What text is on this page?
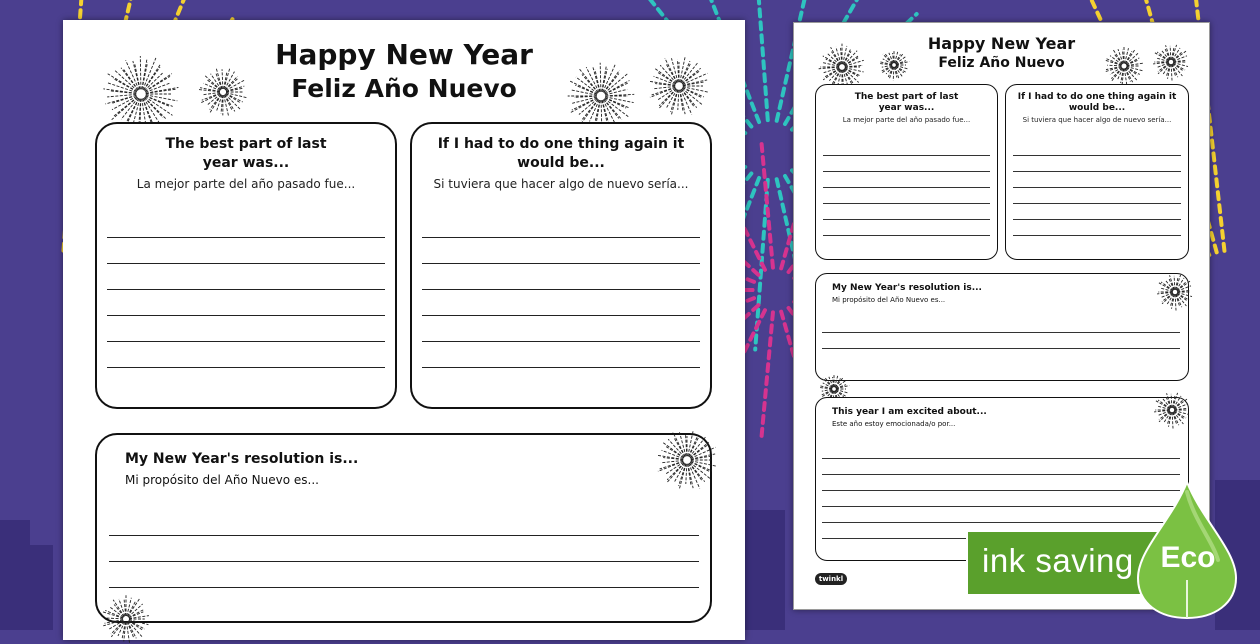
Happy New Year
Feliz Año Nuevo
The best part of last
year was...
La mejor parte del año pasado fue...
If I had to do one thing again it
would be...
Si tuviera que hacer algo de nuevo sería...
My New Year's resolution is...
Mi propósito del Año Nuevo es...
Happy New Year
Feliz Año Nuevo
The best part of last
year was...
La mejor parte del año pasado fue...
If I had to do one thing again it
would be...
Si tuviera que hacer algo de nuevo sería...
My New Year's resolution is...
Mi propósito del Año Nuevo es...
This year I am excited about...
Este año estoy emocionada/o por...
twinkl	ink saving Eco
